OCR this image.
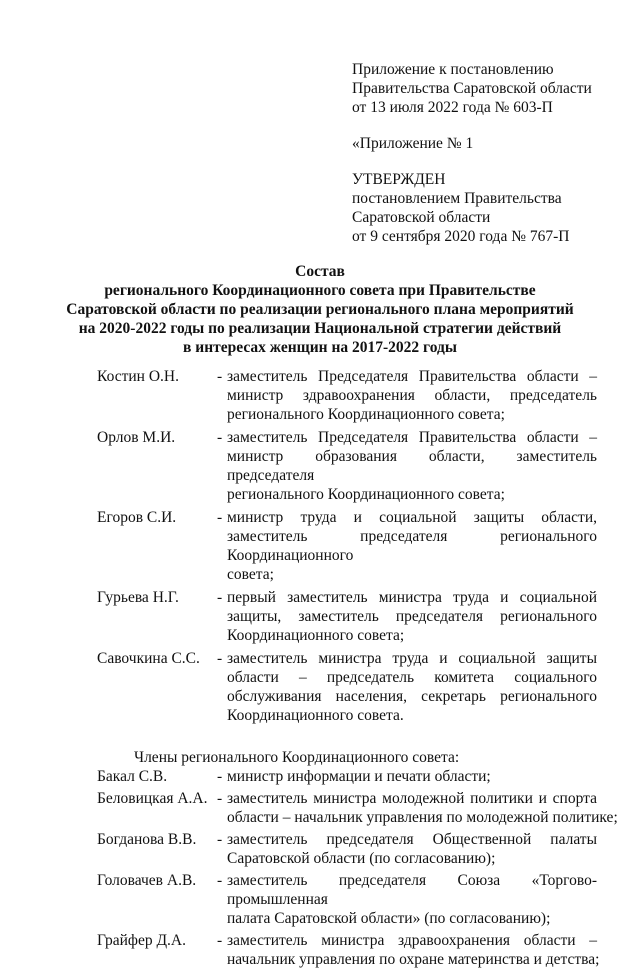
Приложение к постановлению
Правительства Саратовской области
от 13 июля 2022 года № 603-П
«Приложение № 1
УТВЕРЖДЕН
постановлением Правительства
Саратовской области
от 9 сентября 2020 года № 767-П
Состав
регионального Координационного совета при Правительстве
Саратовской области по реализации регионального плана мероприятий
на 2020-2022 годы по реализации Национальной стратегии действий
в интересах женщин на 2017-2022 годы
Костин О.Н. - заместитель Председателя Правительства области –
министр здравоохранения области, председатель
регионального Координационного совета;
Орлов М.И.	- заместитель Председателя Правительства области –
министр образования области, заместитель председателя
регионального Координационного совета;
Егоров С.И.	- министр труда и социальной защиты области,
заместитель председателя регионального Координационного
совета;
Гурьева Н.Г. - первый заместитель министра труда и социальной
защиты, заместитель председателя регионального
Координационного совета;
Савочкина С.С. - заместитель министра труда и социальной защиты
области – председатель комитета социального
обслуживания населения, секретарь регионального
Координационного совета.
Члены регионального Координационного совета:
Бакал С.В.	- министр информации и печати области;
Беловицкая А.А. - заместитель министра молодежной политики и спорта
области – начальник управления по молодежной политике;
Богданова В.В. - заместитель председателя Общественной палаты
Саратовской области (по согласованию);
Головачев А.В. - заместитель председателя Союза «Торгово-промышленная
палата Саратовской области» (по согласованию);
Грайфер Д.А. - заместитель министра здравоохранения области –
начальник управления по охране материнства и детства;
